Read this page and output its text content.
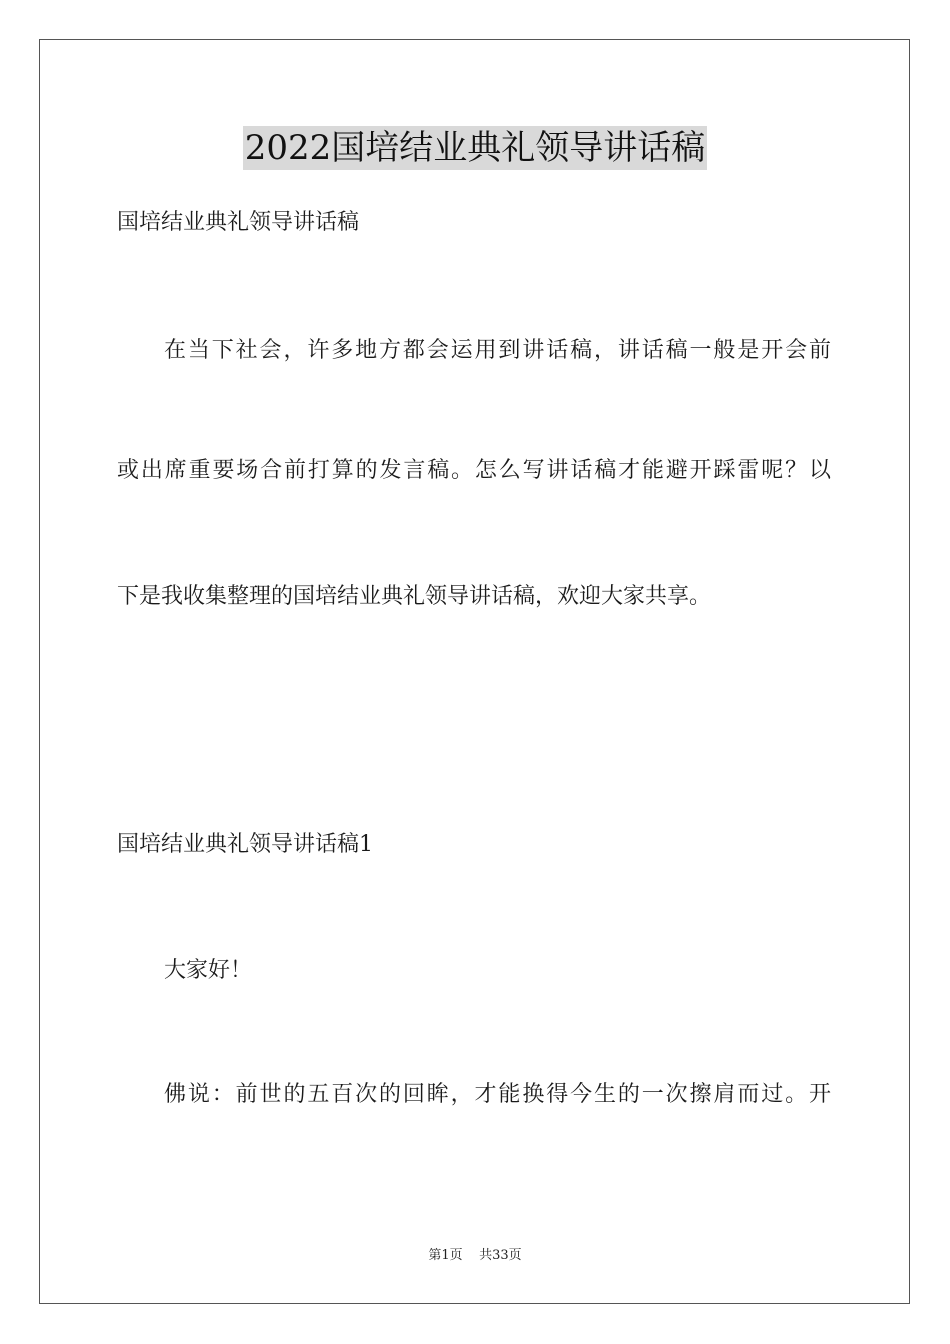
2022国培结业典礼领导讲话稿
国培结业典礼领导讲话稿
在当下社会，许多地方都会运用到讲话稿，讲话稿一般是开会前
或出席重要场合前打算的发言稿。怎么写讲话稿才能避开踩雷呢？以
下是我收集整理的国培结业典礼领导讲话稿，欢迎大家共享。
国培结业典礼领导讲话稿1
大家好！
佛说：前世的五百次的回眸，才能换得今生的一次擦肩而过。开
第1页 共33页
